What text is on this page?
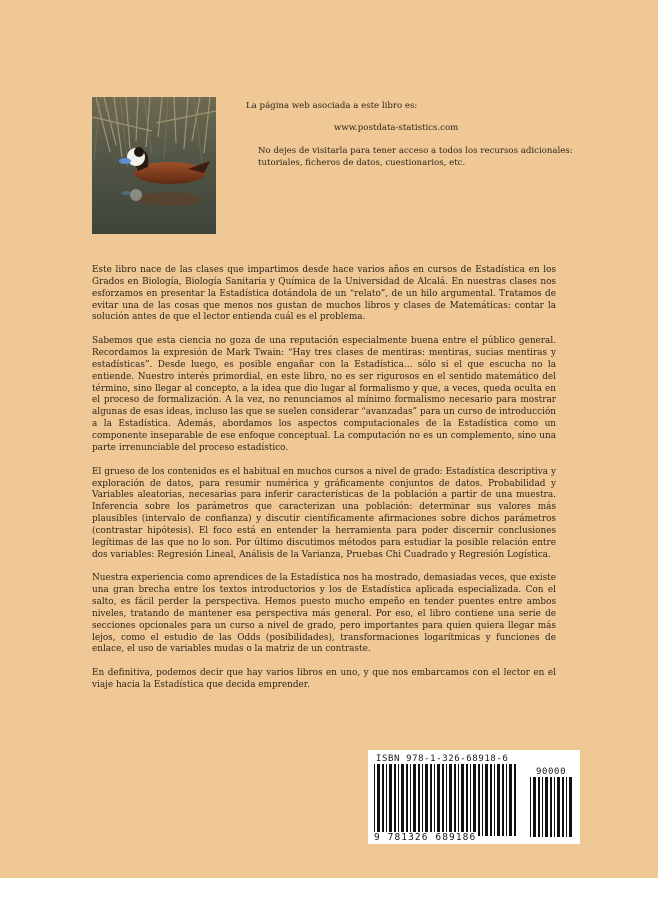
La página web asociada a este libro es:
www.postdata-statistics.com
No dejes de visitarla para tener acceso a todos los recursos adicionales: tutoriales, ficheros de datos, cuestionarios, etc.

Este libro nace de las clases que impartimos desde hace varios años en cursos de Estadística en los Grados en Biología, Biología Sanitaria y Química de la Universidad de Alcalá. En nuestras clases nos esforzamos en presentar la Estadística dotándola de un “relato”, de un hilo argumental. Tratamos de evitar una de las cosas que menos nos gustan de muchos libros y clases de Matemáticas: contar la solución antes de que el lector entienda cuál es el problema.

Sabemos que esta ciencia no goza de una reputación especialmente buena entre el público general. Recordamos la expresión de Mark Twain: “Hay tres clases de mentiras: mentiras, sucias mentiras y estadísticas”. Desde luego, es posible engañar con la Estadística... sólo si el que escucha no la entiende. Nuestro interés primordial, en este libro, no es ser rigurosos en el sentido matemático del término, sino llegar al concepto, a la idea que dio lugar al formalismo y que, a veces, queda oculta en el proceso de formalización. A la vez, no renunciamos al mínimo formalismo necesario para mostrar algunas de esas ideas, incluso las que se suelen considerar “avanzadas” para un curso de introducción a la Estadística. Además, abordamos los aspectos computacionales de la Estadística como un componente inseparable de ese enfoque conceptual. La computación no es un complemento, sino una parte irrenunciable del proceso estadístico.

El grueso de los contenidos es el habitual en muchos cursos a nivel de grado: Estadística descriptiva y exploración de datos, para resumir numérica y gráficamente conjuntos de datos. Probabilidad y Variables aleatorias, necesarias para inferir características de la población a partir de una muestra. Inferencia sobre los parámetros que caracterizan una población: determinar sus valores más plausibles (intervalo de confianza) y discutir científicamente afirmaciones sobre dichos parámetros (contrastar hipótesis). El foco está en entender la herramienta para poder discernir conclusiones legítimas de las que no lo son. Por último discutimos métodos para estudiar la posible relación entre dos variables: Regresión Lineal, Análisis de la Varianza, Pruebas Chi Cuadrado y Regresión Logística.

Nuestra experiencia como aprendices de la Estadística nos ha mostrado, demasiadas veces, que existe una gran brecha entre los textos introductorios y los de Estadística aplicada especializada. Con el salto, es fácil perder la perspectiva. Hemos puesto mucho empeño en tender puentes entre ambos niveles, tratando de mantener esa perspectiva más general. Por eso, el libro contiene una serie de secciones opcionales para un curso a nivel de grado, pero importantes para quien quiera llegar más lejos, como el estudio de las Odds (posibilidades), transformaciones logarítmicas y funciones de enlace, el uso de variables mudas o la matriz de un contraste.

En definitiva, podemos decir que hay varios libros en uno, y que nos embarcamos con el lector en el viaje hacia la Estadística que decida emprender.

ISBN 978-1-326-68918-6
90000
9 781326 689186
